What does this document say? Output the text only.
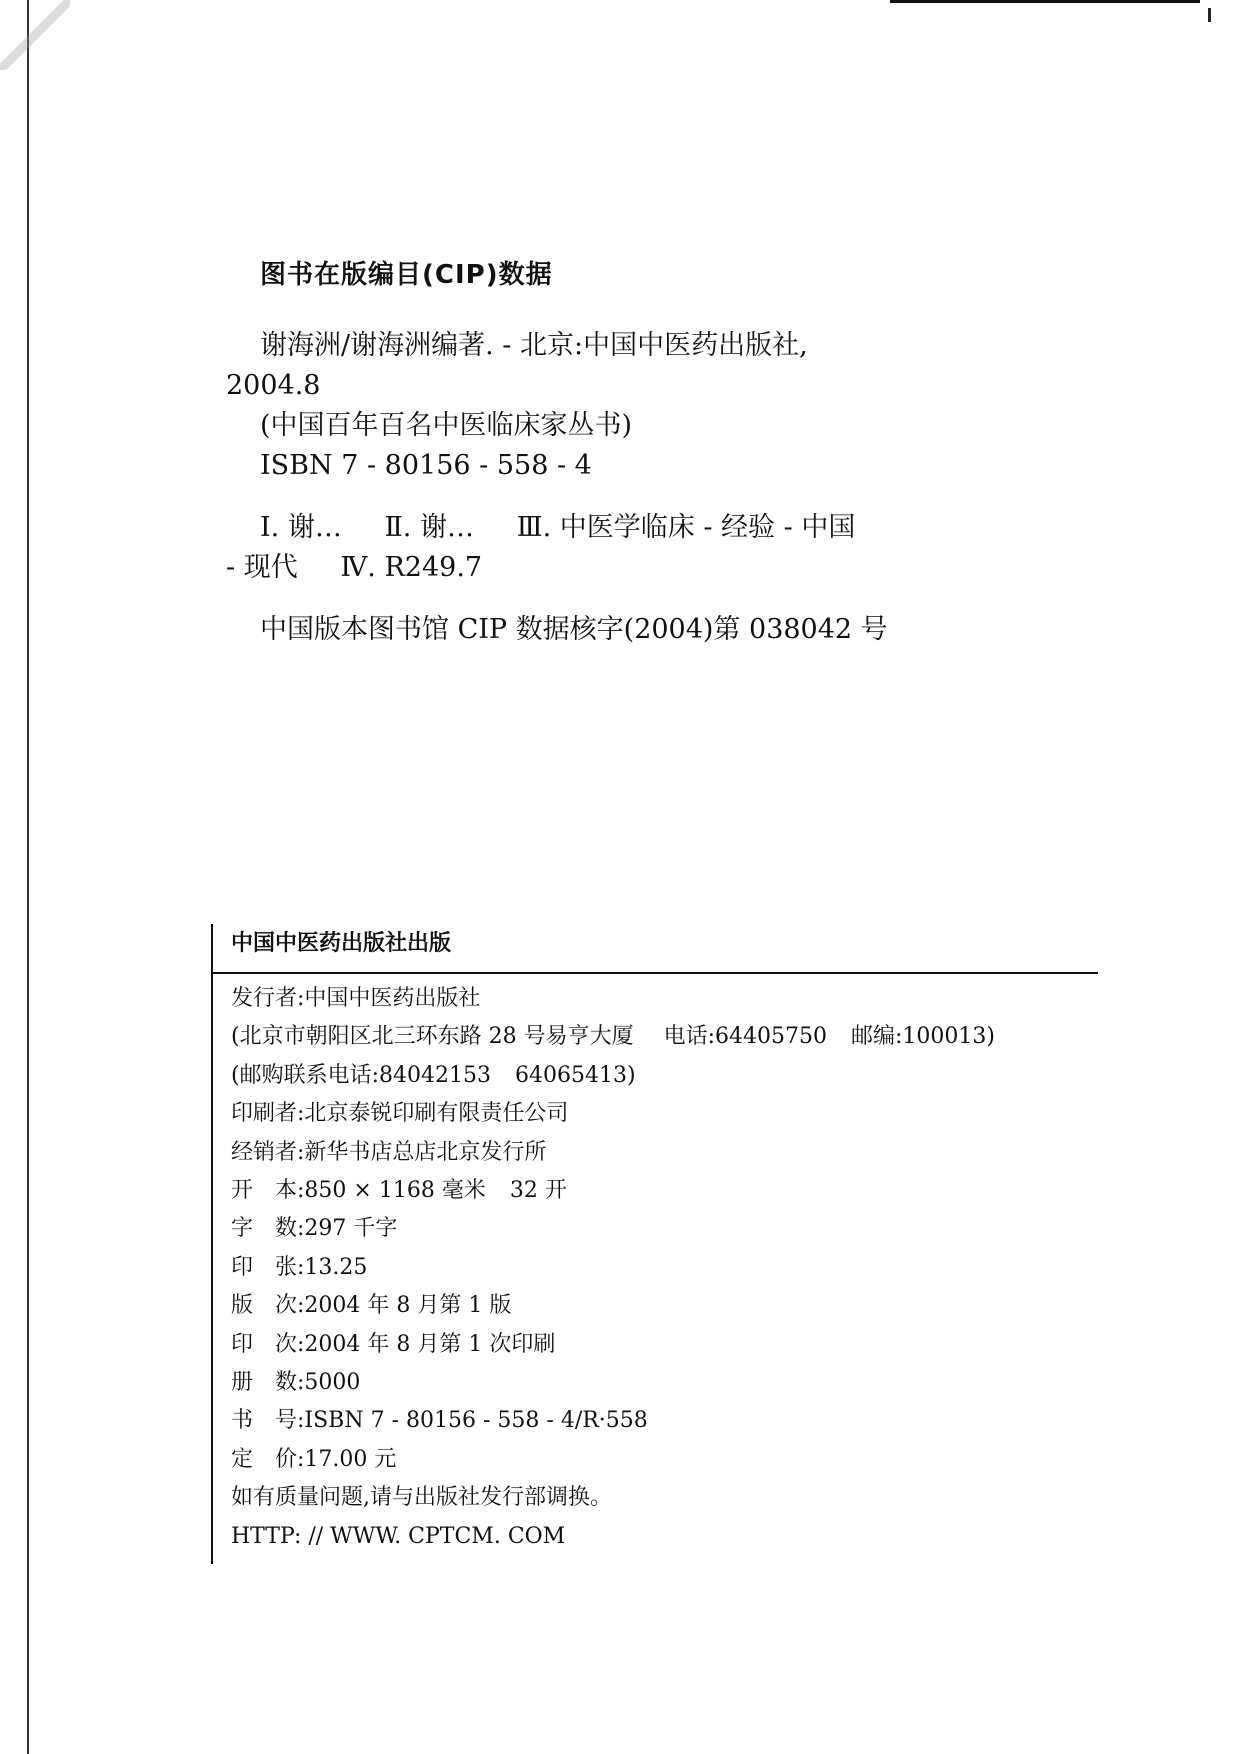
图书在版编目(CIP)数据
谢海洲/谢海洲编著. - 北京:中国中医药出版社,
2004.8
(中国百年百名中医临床家丛书)
ISBN 7 - 80156 - 558 - 4
Ⅰ. 谢… Ⅱ. 谢… Ⅲ. 中医学临床 - 经验 - 中国
- 现代 Ⅳ. R249.7
中国版本图书馆 CIP 数据核字(2004)第 038042 号
中国中医药出版社出版
发行者:中国中医药出版社
(北京市朝阳区北三环东路 28 号易亨大厦 电话:64405750 邮编:100013)
(邮购联系电话:84042153 64065413)
印刷者:北京泰锐印刷有限责任公司
经销者:新华书店总店北京发行所
开　本:850 × 1168 毫米 32 开
字　数:297 千字
印　张:13.25
版　次:2004 年 8 月第 1 版
印　次:2004 年 8 月第 1 次印刷
册　数:5000
书　号:ISBN 7 - 80156 - 558 - 4/R·558
定　价:17.00 元
如有质量问题,请与出版社发行部调换。
HTTP: // WWW. CPTCM. COM
